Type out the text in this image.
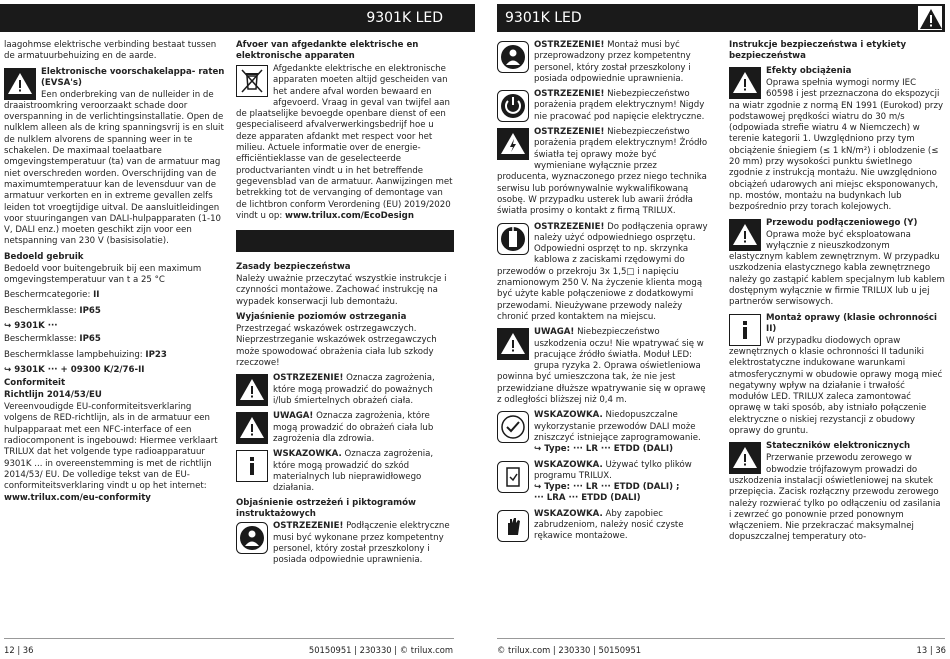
9301K LED

laagohmse elektrische verbinding bestaat tussen de armatuurbehuizing en de aarde.

Elektronische voorschakelappa- raten (EVSA's)
Een onderbreking van de nulleider in de draaistroomkring veroorzaakt schade door overspanning in de verlichtingsinstallatie. Open de nulklem alleen als de kring spanningsvrij is en sluit de nulklem alvorens de spanning weer in te schakelen. De maximaal toelaatbare omgevingstemperatuur (ta) van de armatuur mag niet overschreden worden. Overschrijding van de maximumtemperatuur kan de levensduur van de armatuur verkorten en in extreme gevallen zelfs leiden tot vroegtijdige uitval. De aansluitleidingen voor stuuringangen van DALI-hulpapparaten (1-10 V, DALI enz.) moeten geschikt zijn voor een netspanning van 230 V (basisisolatie).
Bedoeld gebruik

Bedoeld voor buitengebruik bij een maximum omgevingstemperatuur van t a 25 °C

Beschermcategorie: II

Beschermklasse: IP65

↪ 9301K ···

Beschermklasse: IP65

Beschermklasse lampbehuizing: IP23

↪ 9301K ··· + 09300 K/2/76-II

Conformiteit
Richtlijn 2014/53/EU

Vereenvoudigde EU-conformiteitsverklaring volgens de RED-richtlijn, als in de armatuur een hulpapparaat met een NFC-interface of een radiocomponent is ingebouwd: Hiermee verklaart TRILUX dat het volgende type radioapparatuur 9301K ... in overeenstemming is met de richtlijn 2014/53/ EU. De volledige tekst van de EU-conformiteitsverklaring vindt u op het internet:
www.trilux.com/eu-conformity

Afvoer van afgedankte elektrische en elektronische apparaten
Afgedankte elektrische en elektronische apparaten moeten altijd gescheiden van het andere afval worden bewaard en afgevoerd. Vraag in geval van twijfel aan de plaatselijke bevoegde openbare dienst of een gespecialiseerd afvalverwerkingsbedrijf hoe u deze apparaten afdankt met respect voor het milieu. Actuele informatie over de energie-efficiëntieklasse van de geselecteerde productvarianten vindt u in het betreffende gegevensblad van de armatuur. Aanwijzingen met betrekking tot de vervanging of demontage van de lichtbron conform Verordening (EU) 2019/2020 vindt u op: www.trilux.com/EcoDesign
Zasady bezpieczeństwa

Należy uważnie przeczytać wszystkie instrukcje i czynności montażowe. Zachować instrukcję na wypadek konserwacji lub demontażu.

Wyjaśnienie poziomów ostrzegania

Przestrzegać wskazówek ostrzegawczych. Nieprzestrzeganie wskazówek ostrzegawczych może spowodować obrażenia ciała lub szkody rzeczowe!

OSTRZEŻENIE! Oznacza zagrożenia, które mogą prowadzić do poważnych i/lub śmiertelnych obrażeń ciała.
UWAGA! Oznacza zagrożenia, które mogą prowadzić do obrażeń ciała lub zagrożenia dla zdrowia.
WSKAZÓWKA. Oznacza zagrożenia, które mogą prowadzić do szkód materialnych lub nieprawidłowego działania.
Objaśnienie ostrzeżeń i piktogramów instruktażowych
OSTRZEŻENIE! Podłączenie elektryczne musi być wykonane przez kompetentny personel, który został przeszkolony i posiada odpowiednie uprawnienia.
12 | 36	50150951 | 230330 | © trilux.com
9301K LED
OSTRZEŻENIE! Montaż musi być przeprowadzony przez kompetentny personel, który został przeszkolony i posiada odpowiednie uprawnienia.
OSTRZEŻENIE! Niebezpieczeństwo porażenia prądem elektrycznym! Nigdy nie pracować pod napięcie elektryczne.
OSTRZEŻENIE! Niebezpieczeństwo porażenia prądem elektrycznym! Źródło światła tej oprawy może być wymieniane wyłącznie przez producenta, wyznaczonego przez niego technika serwisu lub porównywalnie wykwalifikowaną osobę. W przypadku usterek lub awarii źródła światła prosimy o kontakt z firmą TRILUX.
OSTRZEŻENIE! Do podłączenia oprawy należy użyć odpowiedniego osprzętu. Odpowiedni osprzęt to np. skrzynka kablowa z zaciskami rzędowymi do przewodów o przekroju 3x 1,5□ i napięciu znamionowym 250 V. Na życzenie klienta mogą być użyte kable połączeniowe z dodatkowymi przewodami. Nieużywane przewody należy chronić przed kontaktem na miejscu.
UWAGA! Niebezpieczeństwo uszkodzenia oczu! Nie wpatrywać się w pracujące źródło światła. Moduł LED: grupa ryzyka 2. Oprawa oświetleniowa powinna być umieszczona tak, że nie jest przewidziane dłuższe wpatrywanie się w oprawę z odległości bliższej niż 0,4 m.
WSKAZÓWKA. Niedopuszczalne wykorzystanie przewodów DALI może zniszczyć istniejące zaprogramowanie.
↪ Type: ··· LR ··· ETDD (DALI)
WSKAZÓWKA. Używać tylko plików programu TRILUX.
↪ Type: ··· LR ··· ETDD (DALI) ;
··· LRA ··· ETDD (DALI)
WSKAZÓWKA. Aby zapobiec zabrudzeniom, należy nosić czyste rękawice montażowe.
Instrukcje bezpieczeństwa i etykiety bezpieczeństwa
Efekty obciążenia
Oprawa spełnia wymogi normy IEC 60598 i jest przeznaczona do ekspozycji na wiatr zgodnie z normą EN 1991 (Eurokod) przy podstawowej prędkości wiatru do 30 m/s (odpowiada strefie wiatru 4 w Niemczech) w terenie kategorii 1. Uwzględniono przy tym obciążenie śniegiem (≤ 1 kN/m²) i oblodzenie (≤ 20 mm) przy wysokości punktu świetlnego zgodnie z instrukcją montażu. Nie uwzględniono obciążeń udarowych ani miejsc eksponowanych, np. mostów, montażu na budynkach lub bezpośrednio przy torach kolejowych.
Przewodu podłączeniowego (Y)
Oprawa może być eksploatowana wyłącznie z nieuszkodzonym elastycznym kablem zewnętrznym. W przypadku uszkodzenia elastycznego kabla zewnętrznego należy go zastąpić kablem specjalnym lub kablem dostępnym wyłącznie w firmie TRILUX lub u jej partnerów serwisowych.
Montaż oprawy (klasie ochronności II)
W przypadku diodowych opraw zewnętrznych o klasie ochronności II taduniki elektrostatyczne indukowane warunkami atmosferycznymi w obudowie oprawy mogą mieć negatywny wpływ na działanie i trwałość modułów LED. TRILUX zaleca zamontować oprawę w taki sposób, aby istniało połączenie elektryczne o niskiej rezystancji z obudowy oprawy do gruntu.
Stateczników elektronicznych
Przerwanie przewodu zerowego w obwodzie trójfazowym prowadzi do uszkodzenia instalacji oświetleniowej na skutek przepięcia. Zacisk rozłączny przewodu zerowego należy rozwierać tylko po odłączeniu od zasilania i zewrzeć go ponownie przed ponownym włączeniem. Nie przekraczać maksymalnej dopuszczalnej temperatury oto-
© trilux.com | 230330 | 50150951	13 | 36
